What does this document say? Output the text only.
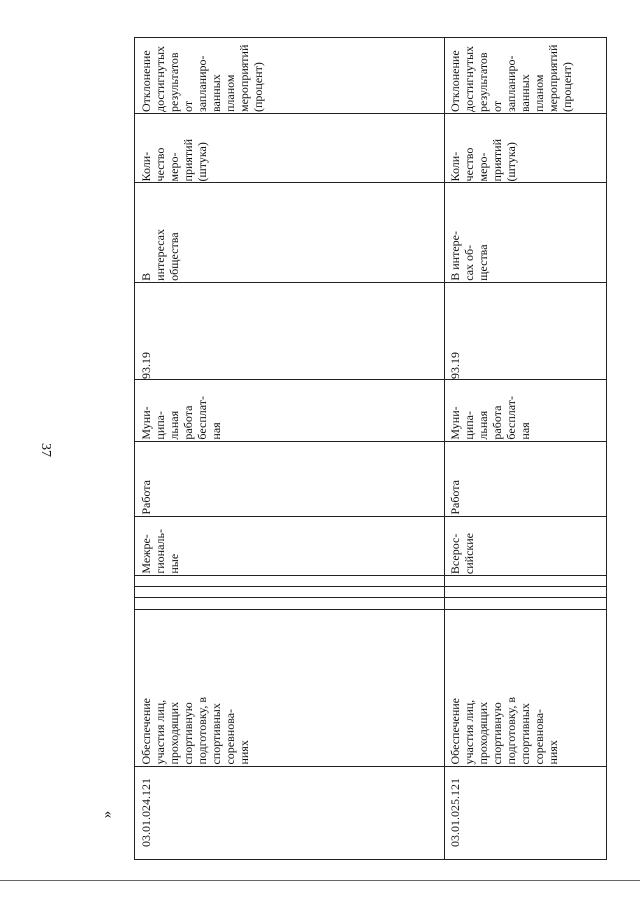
37
« 03.01.024.121
Обеспечение
участия лиц,
проходящих
спортивную
подготовку, в
спортивных
соревнова-
ниях
Межре-
гиональ-
ные
Работа
Муни-
ципа-
льная
работа
бесплат-
ная
93.19
В
интересах
общества
Коли-
чество
меро-
приятий
(штука)
Отклонение
достигнутых
результатов
от запланиро-
ванных
планом
мероприятий
(процент)
03.01.025.121
Обеспечение
участия лиц,
проходящих
спортивную
подготовку, в
спортивных
соревнова-
ниях
Всерос-
сийские
Работа
Муни-
ципа-
льная
работа
бесплат-
ная
93.19
В интере-
сах об-
щества
Коли-
чество
меро-
приятий
(штука)
Отклонение
достигнутых
результатов
от запланиро-
ванных
планом
мероприятий
(процент)
